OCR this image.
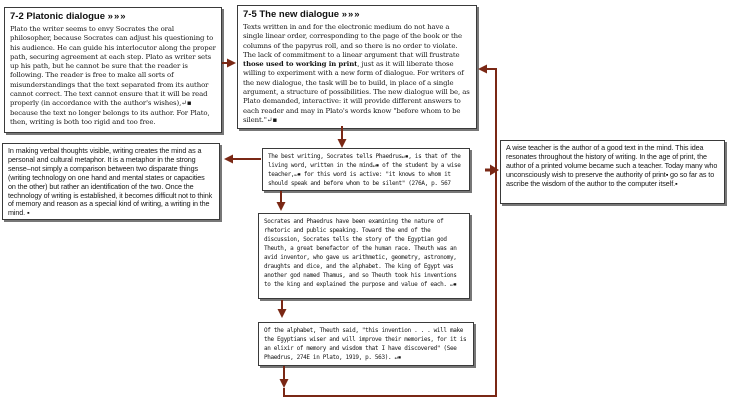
7-2 Platonic dialogue »»»
Plato the writer seems to envy Socrates the oral philosopher, because Socrates can adjust his questioning to his audience. He can guide his interlocutor along the proper path, securing agreement at each step. Plato as writer sets up his path, but he cannot be sure that the reader is following. The reader is free to make all sorts of misunderstandings that the text separated from its author cannot correct. The text cannot ensure that it will be read properly (in accordance with the author's wishes),↵▪ because the text no longer belongs to its author. For Plato, then, writing is both too rigid and too free.
7-5 The new dialogue »»»
Texts written in and for the electronic medium do not have a single linear order, corresponding to the page of the book or the columns of the papyrus roll, and so there is no order to violate. The lack of commitment to a linear argument that will frustrate those used to working in print, just as it will liberate those willing to experiment with a new form of dialogue. For writers of the new dialogue, the task will be to build, in place of a single argument, a structure of possibilities. The new dialogue will be, as Plato demanded, interactive: it will provide different answers to each reader and may in Plato's words know "before whom to be silent."↵▪
In making verbal thoughts visible, writing creates the mind as a personal and cultural metaphor. It is a metaphor in the strong sense–not simply a comparison between two disparate things (writing technology on one hand and mental states or capacities on the other) but rather an identification of the two. Once the technology of writing is established, it becomes difficult not to think of memory and reason as a special kind of writing, a writing in the mind. ▪
The best writing, Socrates tells Phaedrus↵▪, is that of the living word, written in the mind↵▪ of the student by a wise teacher,↵▪ for this word is active: "it knows to whom it should speak and before whom to be silent" (276A, p. 567
Socrates and Phaedrus have been examining the nature of rhetoric and public speaking. Toward the end of the discussion, Socrates tells the story of the Egyptian god Theuth, a great benefactor of the human race. Theuth was an avid inventor, who gave us arithmetic, geometry, astronomy, draughts and dice, and the alphabet. The king of Egypt was another god named Thamus, and so Theuth took his inventions to the king and explained the purpose and value of each. ↵▪
Of the alphabet, Theuth said, "this invention . . . will make the Egyptians wiser and will improve their memories, for it is an elixir of memory and wisdom that I have discovered" (See Phaedrus, 274E in Plato, 1919, p. 563). ↵▪
A wise teacher is the author of a good text in the mind. This idea resonates throughout the history of writing. In the age of print, the author of a printed volume became such a teacher. Today many who unconsciously wish to preserve the authority of print▪ go so far as to ascribe the wisdom of the author to the computer itself.▪
